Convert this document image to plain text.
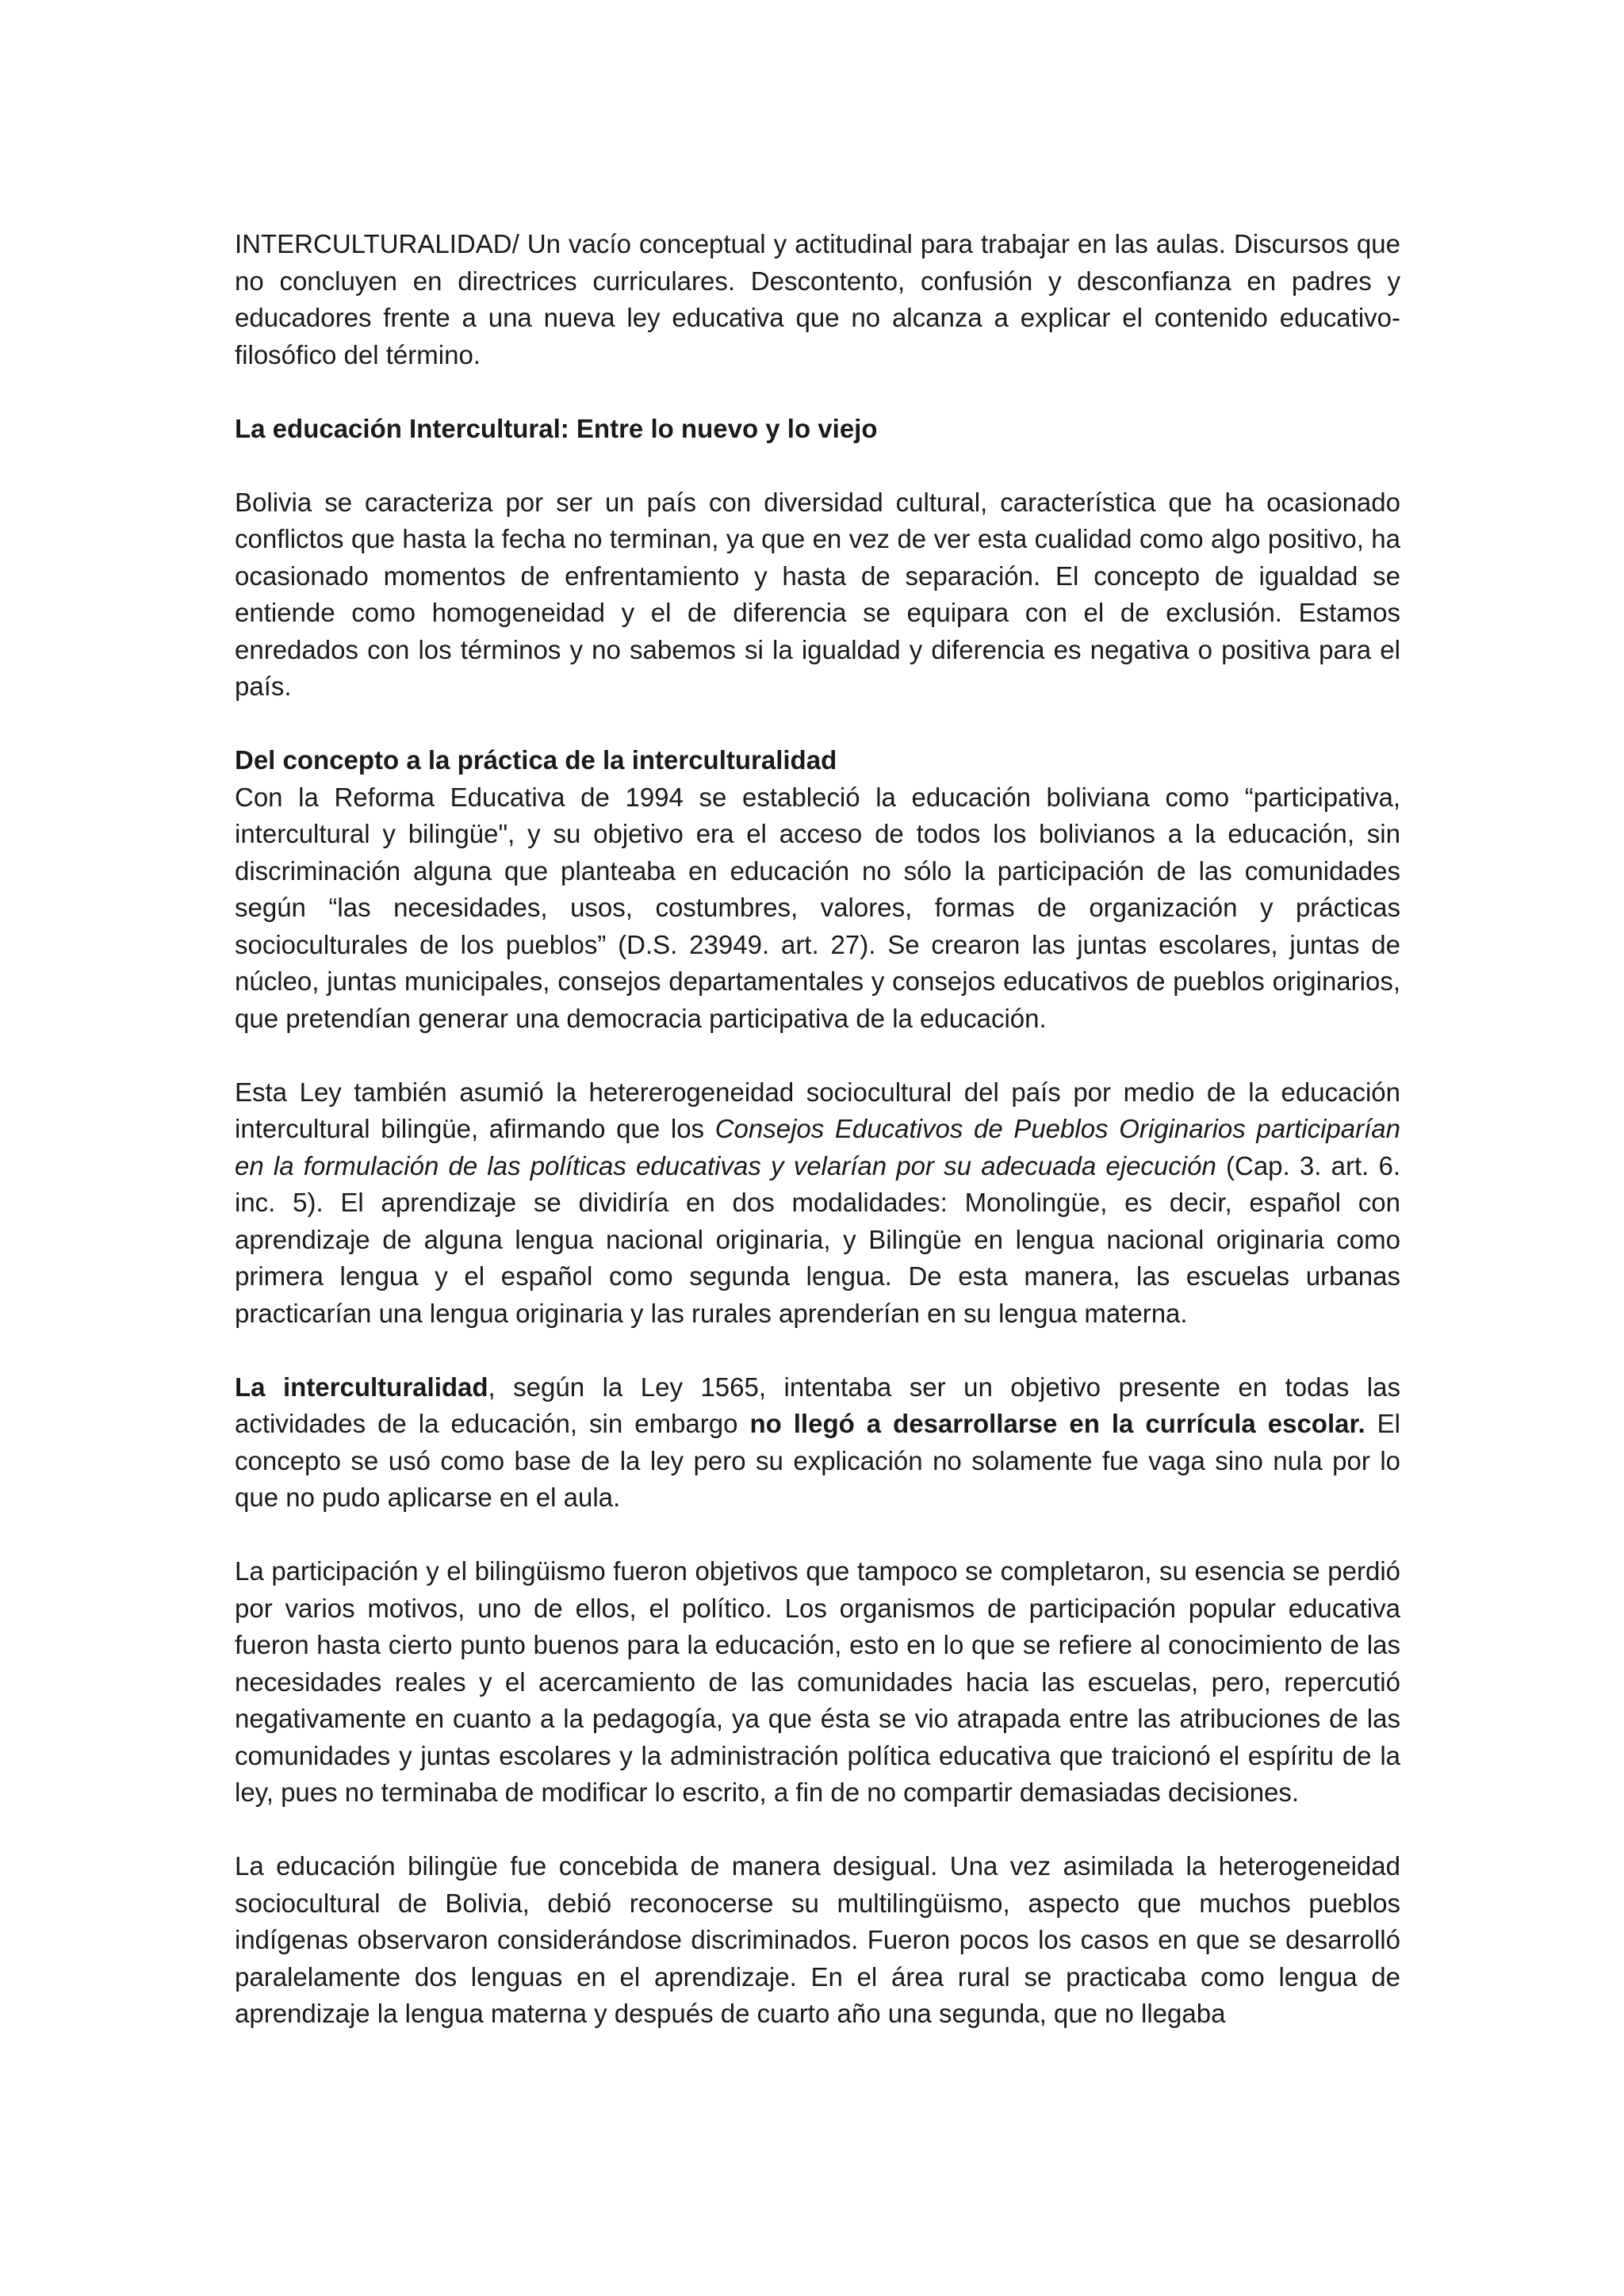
INTERCULTURALIDAD/ Un vacío conceptual y actitudinal para trabajar en las aulas. Discursos que no concluyen en directrices curriculares. Descontento, confusión y desconfianza en padres y educadores frente a una nueva ley educativa que no alcanza a explicar el contenido educativo-filosófico del término.

La educación Intercultural: Entre lo nuevo y lo viejo

Bolivia se caracteriza por ser un país con diversidad cultural, característica que ha ocasionado conflictos que hasta la fecha no terminan, ya que en vez de ver esta cualidad como algo positivo, ha ocasionado momentos de enfrentamiento y hasta de separación. El concepto de igualdad se entiende como homogeneidad y el de diferencia se equipara con el de exclusión. Estamos enredados con los términos y no sabemos si la igualdad y diferencia es negativa o positiva para el país.

Del concepto a la práctica de la interculturalidad

Con la Reforma Educativa de 1994 se estableció la educación boliviana como “participativa, intercultural y bilingüe", y su objetivo era el acceso de todos los bolivianos a la educación, sin discriminación alguna que planteaba en educación no sólo la participación de las comunidades según “las necesidades, usos, costumbres, valores, formas de organización y prácticas socioculturales de los pueblos” (D.S. 23949. art. 27). Se crearon las juntas escolares, juntas de núcleo, juntas municipales, consejos departamentales y consejos educativos de pueblos originarios, que pretendían generar una democracia participativa de la educación.

Esta Ley también asumió la hetererogeneidad sociocultural del país por medio de la educación intercultural bilingüe, afirmando que los Consejos Educativos de Pueblos Originarios participarían en la formulación de las políticas educativas y velarían por su adecuada ejecución (Cap. 3. art. 6. inc. 5). El aprendizaje se dividiría en dos modalidades: Monolingüe, es decir, español con aprendizaje de alguna lengua nacional originaria, y Bilingüe en lengua nacional originaria como primera lengua y el español como segunda lengua. De esta manera, las escuelas urbanas practicarían una lengua originaria y las rurales aprenderían en su lengua materna.

La interculturalidad, según la Ley 1565, intentaba ser un objetivo presente en todas las actividades de la educación, sin embargo no llegó a desarrollarse en la currícula escolar. El concepto se usó como base de la ley pero su explicación no solamente fue vaga sino nula por lo que no pudo aplicarse en el aula.

La participación y el bilingüismo fueron objetivos que tampoco se completaron, su esencia se perdió por varios motivos, uno de ellos, el político. Los organismos de participación popular educativa fueron hasta cierto punto buenos para la educación, esto en lo que se refiere al conocimiento de las necesidades reales y el acercamiento de las comunidades hacia las escuelas, pero, repercutió negativamente en cuanto a la pedagogía, ya que ésta se vio atrapada entre las atribuciones de las comunidades y juntas escolares y la administración política educativa que traicionó el espíritu de la ley, pues no terminaba de modificar lo escrito, a fin de no compartir demasiadas decisiones.

La educación bilingüe fue concebida de manera desigual. Una vez asimilada la heterogeneidad sociocultural de Bolivia, debió reconocerse su multilingüismo, aspecto que muchos pueblos indígenas observaron considerándose discriminados. Fueron pocos los casos en que se desarrolló paralelamente dos lenguas en el aprendizaje. En el área rural se practicaba como lengua de aprendizaje la lengua materna y después de cuarto año una segunda, que no llegaba
